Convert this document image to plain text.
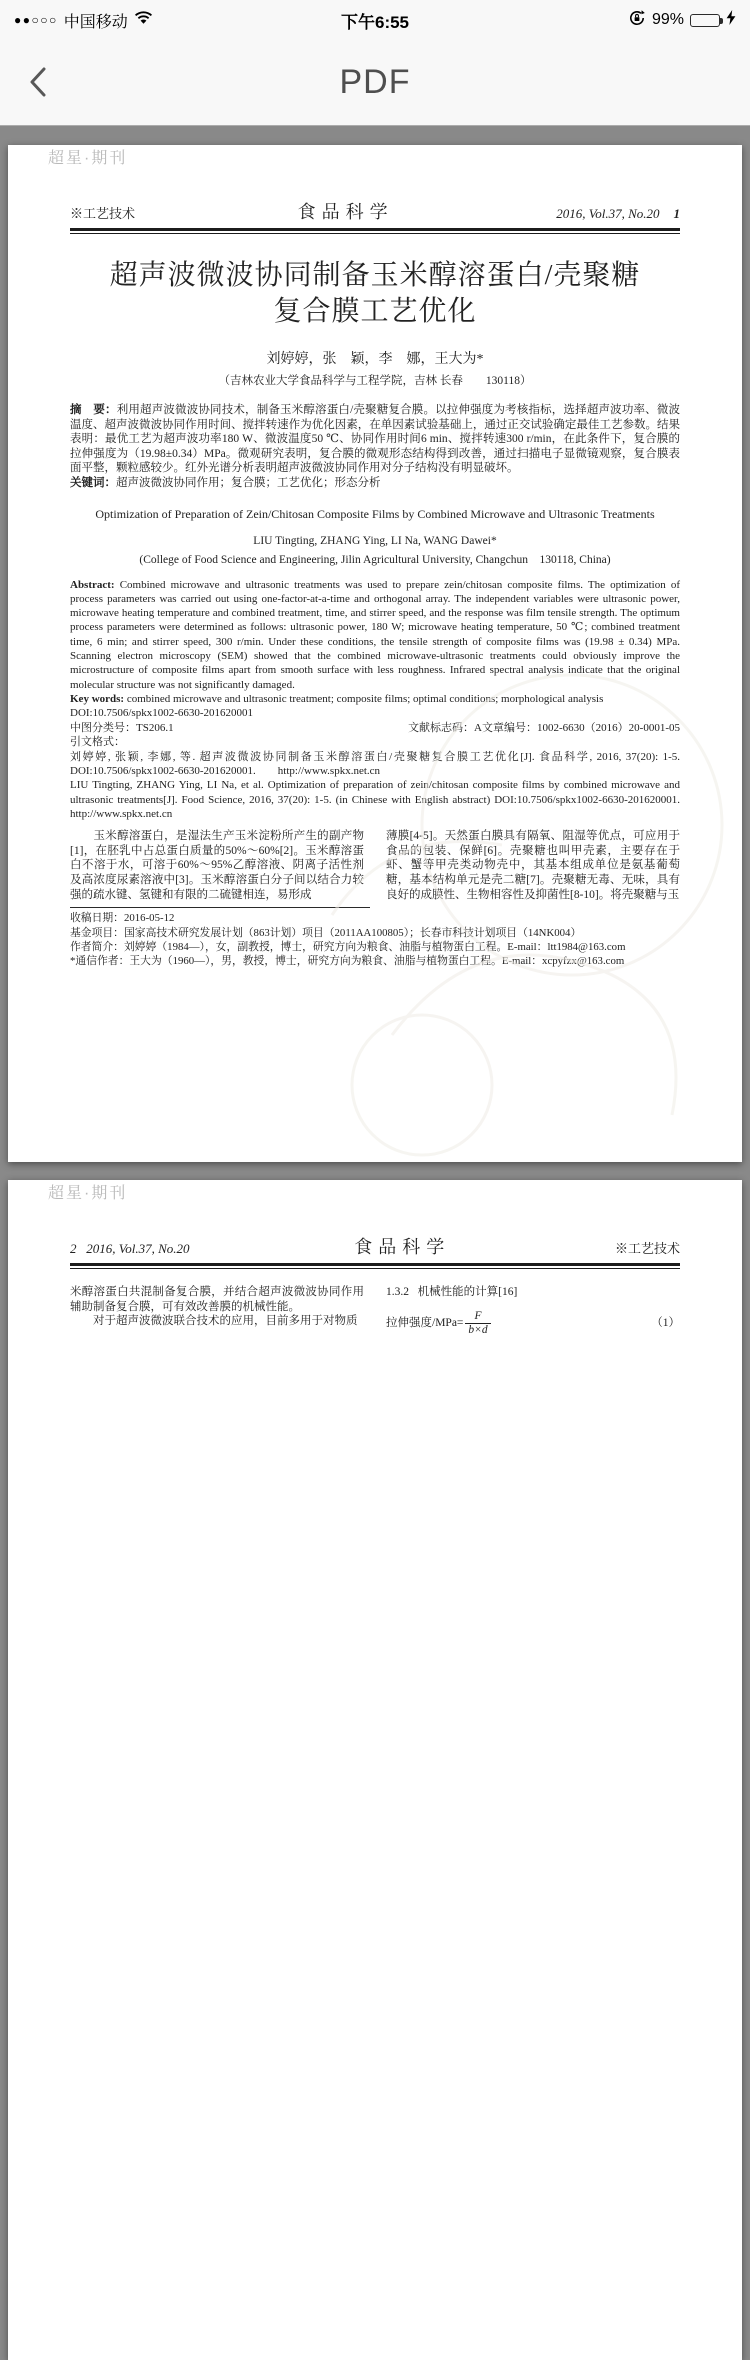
●●○○○ 中国移动	下午6:55	99%
PDF
超星·期刊
※工艺技术	食品科学	2016, Vol.37, No.20 1
超声波微波协同制备玉米醇溶蛋白/壳聚糖
复合膜工艺优化
刘婷婷，张　颖，李　娜，王大为*
（吉林农业大学食品科学与工程学院，吉林 长春　　130118）

摘　要：利用超声波微波协同技术，制备玉米醇溶蛋白/壳聚糖复合膜。以拉伸强度为考核指标，选择超声波功率、微波温度、超声波微波协同作用时间、搅拌转速作为优化因素，在单因素试验基础上，通过正交试验确定最佳工艺参数。结果表明：最优工艺为超声波功率180 W、微波温度50 ℃、协同作用时间6 min、搅拌转速300 r/min，在此条件下，复合膜的拉伸强度为（19.98±0.34）MPa。微观研究表明，复合膜的微观形态结构得到改善，通过扫描电子显微镜观察，复合膜表面平整，颗粒感较少。红外光谱分析表明超声波微波协同作用对分子结构没有明显破坏。

关键词：超声波微波协同作用；复合膜；工艺优化；形态分析

Optimization of Preparation of Zein/Chitosan Composite Films by Combined Microwave and Ultrasonic Treatments
LIU Tingting, ZHANG Ying, LI Na, WANG Dawei*
(College of Food Science and Engineering, Jilin Agricultural University, Changchun　130118, China)

Abstract: Combined microwave and ultrasonic treatments was used to prepare zein/chitosan composite films. The optimization of process parameters was carried out using one-factor-at-a-time and orthogonal array. The independent variables were ultrasonic power, microwave heating temperature and combined treatment, time, and stirrer speed, and the response was film tensile strength. The optimum process parameters were determined as follows: ultrasonic power, 180 W; microwave heating temperature, 50 ℃; combined treatment time, 6 min; and stirrer speed, 300 r/min. Under these conditions, the tensile strength of composite films was (19.98 ± 0.34) MPa. Scanning electron microscopy (SEM) showed that the combined microwave-ultrasonic treatments could obviously improve the microstructure of composite films apart from smooth surface with less roughness. Infrared spectral analysis indicate that the original molecular structure was not significantly damaged.

Key words: combined microwave and ultrasonic treatment; composite films; optimal conditions; morphological analysis

DOI:10.7506/spkx1002-6630-201620001
中图分类号：TS206.1	文献标志码：A文章编号：1002-6630（2016）20-0001-05
引文格式：

刘婷婷, 张颖, 李娜, 等. 超声波微波协同制备玉米醇溶蛋白/壳聚糖复合膜工艺优化[J]. 食品科学, 2016, 37(20): 1-5. DOI:10.7506/spkx1002-6630-201620001.　　http://www.spkx.net.cn

LIU Tingting, ZHANG Ying, LI Na, et al. Optimization of preparation of zein/chitosan composite films by combined microwave and ultrasonic treatments[J]. Food Science, 2016, 37(20): 1-5. (in Chinese with English abstract) DOI:10.7506/spkx1002-6630-201620001.　　http://www.spkx.net.cn

　　玉米醇溶蛋白，是湿法生产玉米淀粉所产生的副产物[1]，在胚乳中占总蛋白质量的50%～60%[2]。玉米醇溶蛋白不溶于水，可溶于60%～95%乙醇溶液、阴离子活性剂及高浓度尿素溶液中[3]。玉米醇溶蛋白分子间以结合力较强的疏水键、氢键和有限的二硫键相连，易形成
薄膜[4-5]。天然蛋白膜具有隔氧、阻湿等优点，可应用于食品的包装、保鲜[6]。壳聚糖也叫甲壳素，主要存在于虾、蟹等甲壳类动物壳中，其基本组成单位是氨基葡萄糖，基本结构单元是壳二糖[7]。壳聚糖无毒、无味，具有良好的成膜性、生物相容性及抑菌性[8-10]。将壳聚糖与玉
收稿日期：2016-05-12
基金项目：国家高技术研究发展计划（863计划）项目（2011AA100805）；长春市科技计划项目（14NK004）
作者简介：刘婷婷（1984—），女，副教授，博士，研究方向为粮食、油脂与植物蛋白工程。E-mail：ltt1984@163.com
*通信作者：王大为（1960—），男，教授，博士，研究方向为粮食、油脂与植物蛋白工程。E-mail：xcpyfzx@163.com
超星·期刊
2 2016, Vol.37, No.20	食品科学	※工艺技术
米醇溶蛋白共混制备复合膜，并结合超声波微波协同作用辅助制备复合膜，可有效改善膜的机械性能。
对于超声波微波联合技术的应用，目前多用于对物质
1.3.2 机械性能的计算[16]
拉伸强度$/MPa= \frac{F}{b\times d}$	（1）
